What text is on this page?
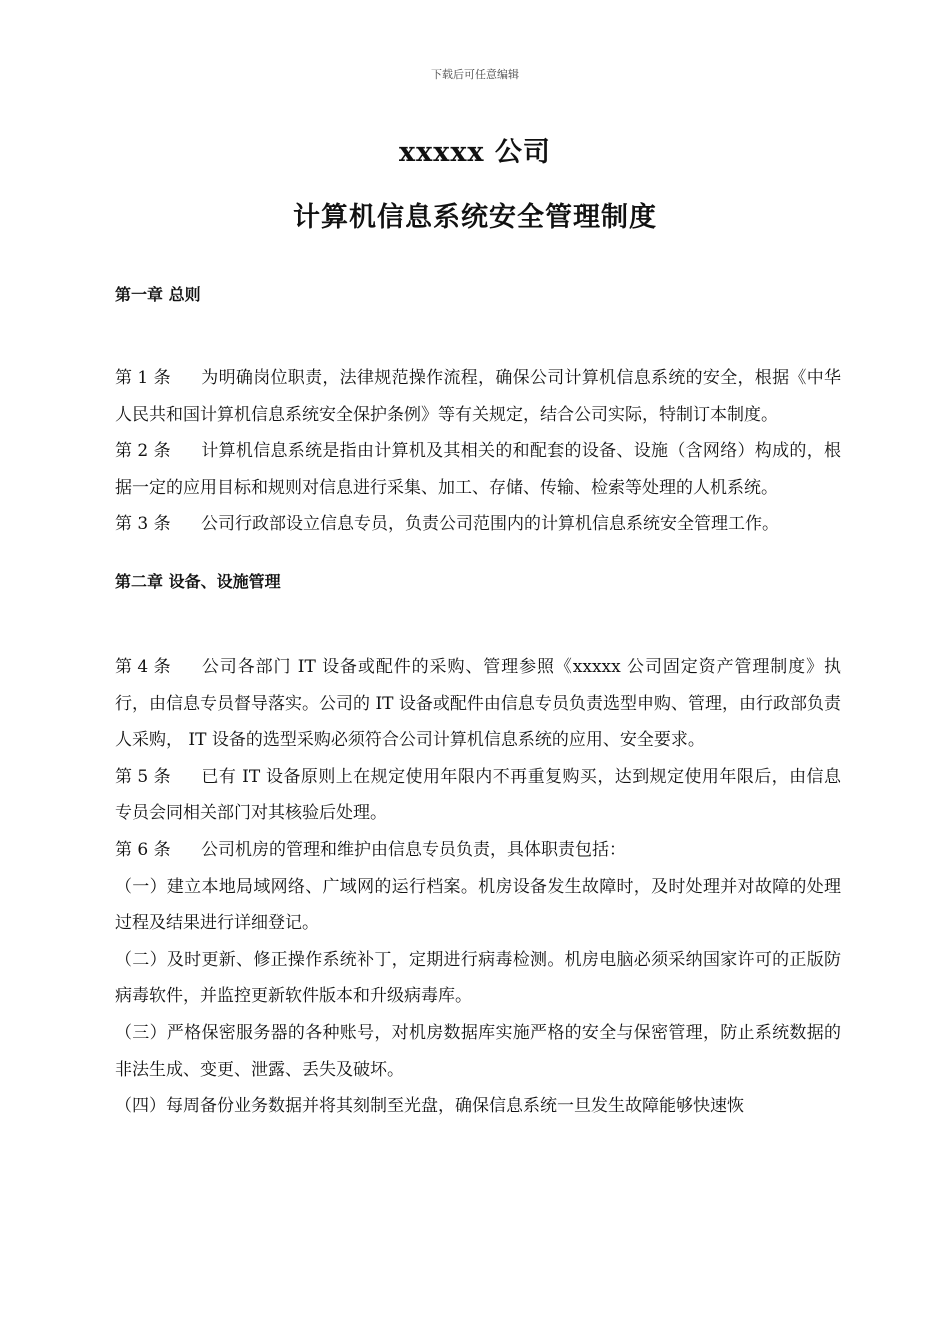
下载后可任意编辑
xxxxx 公司
计算机信息系统安全管理制度

第一章 总则

第 1 条 为明确岗位职责，法律规范操作流程，确保公司计算机信息系统的安全，根据《中华人民共和国计算机信息系统安全保护条例》等有关规定，结合公司实际，特制订本制度。

第 2 条 计算机信息系统是指由计算机及其相关的和配套的设备、设施（含网络）构成的，根据一定的应用目标和规则对信息进行采集、加工、存储、传输、检索等处理的人机系统。

第 3 条 公司行政部设立信息专员，负责公司范围内的计算机信息系统安全管理工作。

第二章 设备、设施管理

第 4 条 公司各部门 IT 设备或配件的采购、管理参照《xxxxx 公司固定资产管理制度》执行，由信息专员督导落实。公司的 IT 设备或配件由信息专员负责选型申购、管理，由行政部负责人采购， IT 设备的选型采购必须符合公司计算机信息系统的应用、安全要求。

第 5 条 已有 IT 设备原则上在规定使用年限内不再重复购买，达到规定使用年限后，由信息专员会同相关部门对其核验后处理。

第 6 条 公司机房的管理和维护由信息专员负责，具体职责包括：

（一）建立本地局域网络、广域网的运行档案。机房设备发生故障时，及时处理并对故障的处理过程及结果进行详细登记。

（二）及时更新、修正操作系统补丁，定期进行病毒检测。机房电脑必须采纳国家许可的正版防病毒软件，并监控更新软件版本和升级病毒库。

（三）严格保密服务器的各种账号，对机房数据库实施严格的安全与保密管理，防止系统数据的非法生成、变更、泄露、丢失及破坏。

（四）每周备份业务数据并将其刻制至光盘，确保信息系统一旦发生故障能够快速恢
